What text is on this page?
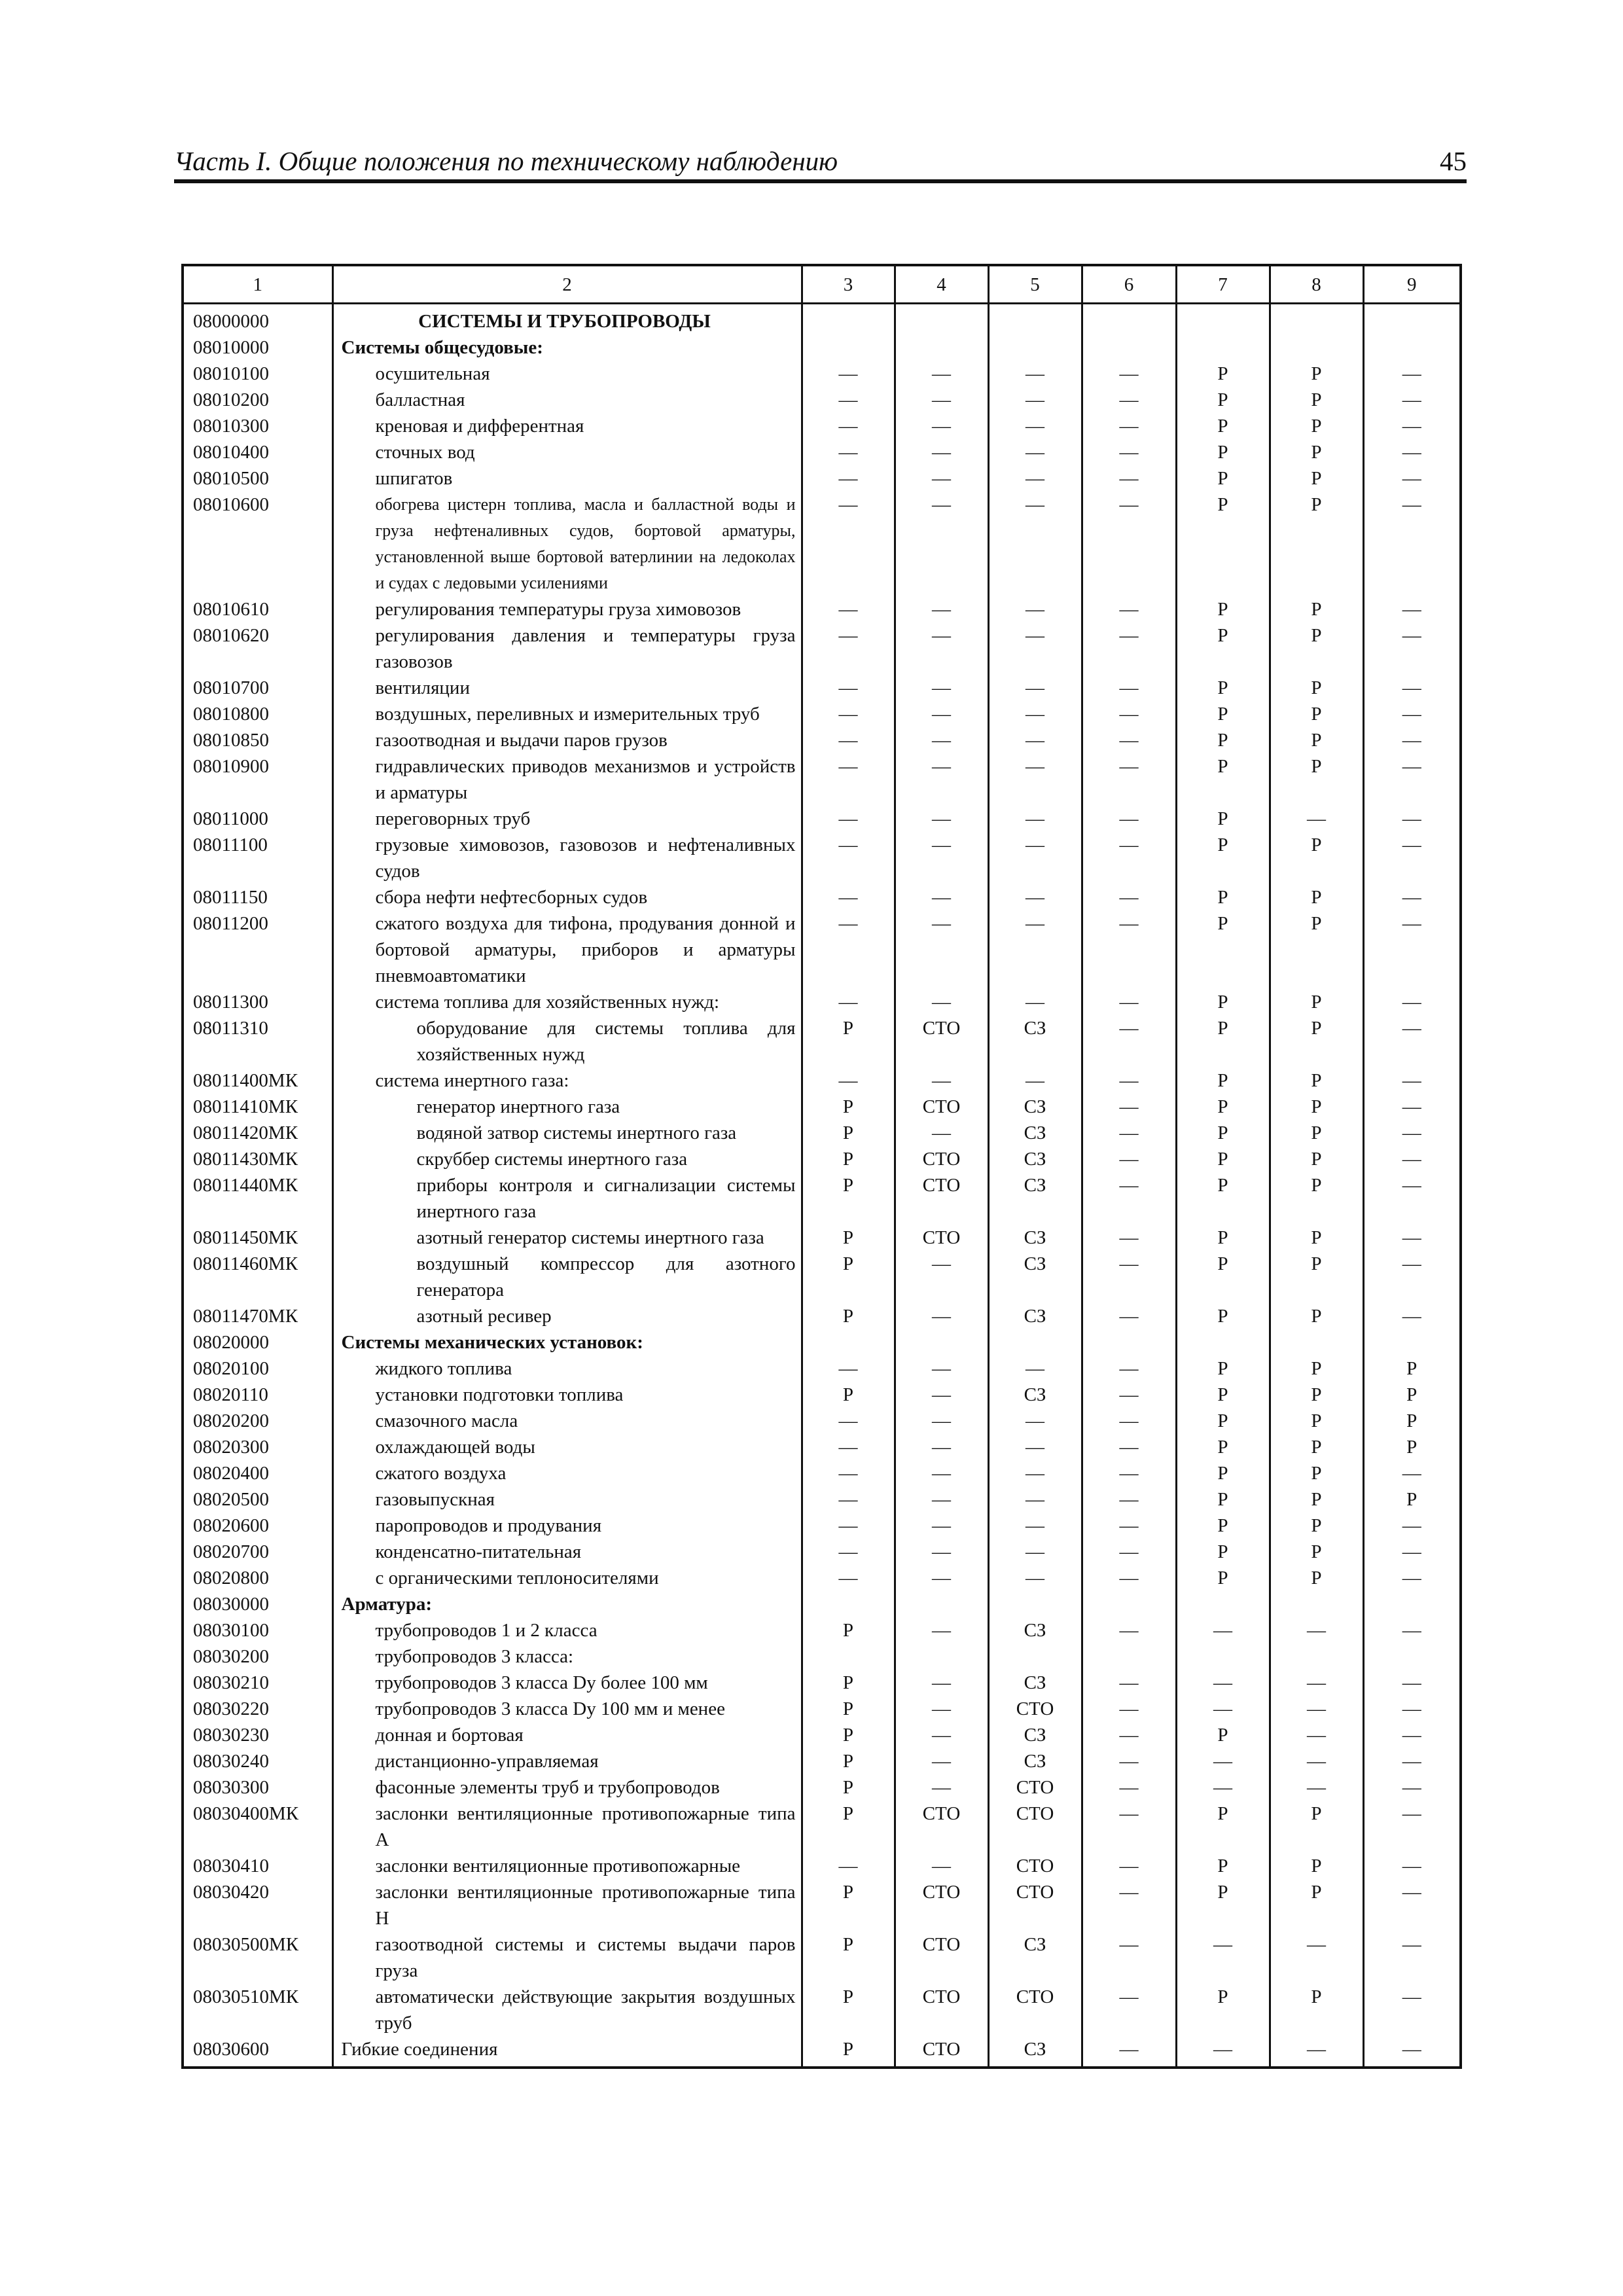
Часть I. Общие положения по техническому наблюдению	45
1	2	3	4	5	6	7	8	9
08000000	СИСТЕМЫ И ТРУБОПРОВОДЫ							
08010000	Системы общесудовые:							
08010100	осушительная	—	—	—	—	Р	Р	—
08010200	балластная	—	—	—	—	Р	Р	—
08010300	креновая и дифферентная	—	—	—	—	Р	Р	—
08010400	сточных вод	—	—	—	—	Р	Р	—
08010500	шпигатов	—	—	—	—	Р	Р	—
08010600	обогрева цистерн топлива, масла и балластной воды и груза нефтеналивных судов, бортовой арматуры, установленной выше бортовой ватерлинии на ледоколах и судах с ледовыми усилениями	—	—	—	—	Р	Р	—
08010610	регулирования температуры груза химовозов	—	—	—	—	Р	Р	—
08010620	регулирования давления и температуры груза газовозов	—	—	—	—	Р	Р	—
08010700	вентиляции	—	—	—	—	Р	Р	—
08010800	воздушных, переливных и измерительных труб	—	—	—	—	Р	Р	—
08010850	газоотводная и выдачи паров грузов	—	—	—	—	Р	Р	—
08010900	гидравлических приводов механизмов и устройств и арматуры	—	—	—	—	Р	Р	—
08011000	переговорных труб	—	—	—	—	Р	—	—
08011100	грузовые химовозов, газовозов и нефтеналивных судов	—	—	—	—	Р	Р	—
08011150	сбора нефти нефтесборных судов	—	—	—	—	Р	Р	—
08011200	сжатого воздуха для тифона, продувания донной и бортовой арматуры, приборов и арматуры пневмоавтоматики	—	—	—	—	Р	Р	—
08011300	система топлива для хозяйственных нужд:	—	—	—	—	Р	Р	—
08011310	оборудование для системы топлива для хозяйственных нужд	Р	СТО	СЗ	—	Р	Р	—
08011400МК	система инертного газа:	—	—	—	—	Р	Р	—
08011410МК	генератор инертного газа	Р	СТО	СЗ	—	Р	Р	—
08011420МК	водяной затвор системы инертного газа	Р	—	СЗ	—	Р	Р	—
08011430МК	скруббер системы инертного газа	Р	СТО	СЗ	—	Р	Р	—
08011440МК	приборы контроля и сигнализации системы инертного газа	Р	СТО	СЗ	—	Р	Р	—
08011450МК	азотный генератор системы инертного газа	Р	СТО	СЗ	—	Р	Р	—
08011460МК	воздушный компрессор для азотного генератора	Р	—	СЗ	—	Р	Р	—
08011470МК	азотный ресивер	Р	—	СЗ	—	Р	Р	—
08020000	Системы механических установок:							
08020100	жидкого топлива	—	—	—	—	Р	Р	Р
08020110	установки подготовки топлива	Р	—	СЗ	—	Р	Р	Р
08020200	смазочного масла	—	—	—	—	Р	Р	Р
08020300	охлаждающей воды	—	—	—	—	Р	Р	Р
08020400	сжатого воздуха	—	—	—	—	Р	Р	—
08020500	газовыпускная	—	—	—	—	Р	Р	Р
08020600	паропроводов и продувания	—	—	—	—	Р	Р	—
08020700	конденсатно-питательная	—	—	—	—	Р	Р	—
08020800	с органическими теплоносителями	—	—	—	—	Р	Р	—
08030000	Арматура:							
08030100	трубопроводов 1 и 2 класса	Р	—	СЗ	—	—	—	—
08030200	трубопроводов 3 класса:							
08030210	трубопроводов 3 класса Dу более 100 мм	Р	—	СЗ	—	—	—	—
08030220	трубопроводов 3 класса Dу 100 мм и менее	Р	—	СТО	—	—	—	—
08030230	донная и бортовая	Р	—	СЗ	—	Р	—	—
08030240	дистанционно-управляемая	Р	—	СЗ	—	—	—	—
08030300	фасонные элементы труб и трубопроводов	Р	—	СТО	—	—	—	—
08030400МК	заслонки вентиляционные противопожарные типа А	Р	СТО	СТО	—	Р	Р	—
08030410	заслонки вентиляционные противопожарные	—	—	СТО	—	Р	Р	—
08030420	заслонки вентиляционные противопожарные типа Н	Р	СТО	СТО	—	Р	Р	—
08030500МК	газоотводной системы и системы выдачи паров груза	Р	СТО	СЗ	—	—	—	—
08030510МК	автоматически действующие закрытия воздушных труб	Р	СТО	СТО	—	Р	Р	—
08030600	Гибкие соединения	Р	СТО	СЗ	—	—	—	—
